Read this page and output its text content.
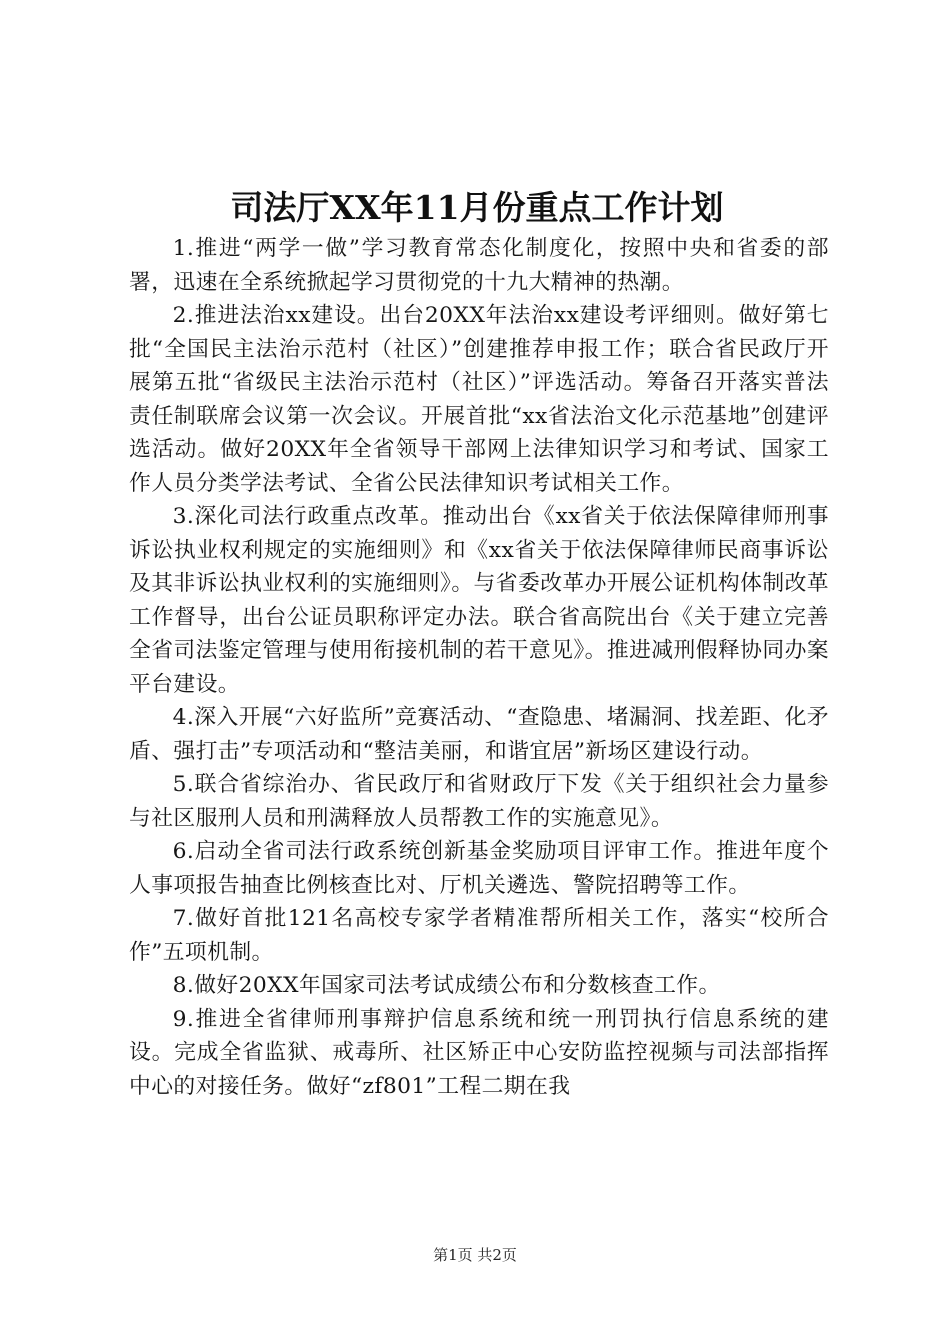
司法厅XX年11月份重点工作计划

1.推进“两学一做”学习教育常态化制度化，按照中央和省委的部署，迅速在全系统掀起学习贯彻党的十九大精神的热潮。

2.推进法治xx建设。出台20XX年法治xx建设考评细则。做好第七批“全国民主法治示范村（社区）”创建推荐申报工作；联合省民政厅开展第五批“省级民主法治示范村（社区）”评选活动。筹备召开落实普法责任制联席会议第一次会议。开展首批“xx省法治文化示范基地”创建评选活动。做好20XX年全省领导干部网上法律知识学习和考试、国家工作人员分类学法考试、全省公民法律知识考试相关工作。

3.深化司法行政重点改革。推动出台《xx省关于依法保障律师刑事诉讼执业权利规定的实施细则》和《xx省关于依法保障律师民商事诉讼及其非诉讼执业权利的实施细则》。与省委改革办开展公证机构体制改革工作督导，出台公证员职称评定办法。联合省高院出台《关于建立完善全省司法鉴定管理与使用衔接机制的若干意见》。推进减刑假释协同办案平台建设。

4.深入开展“六好监所”竞赛活动、“查隐患、堵漏洞、找差距、化矛盾、强打击”专项活动和“整洁美丽，和谐宜居”新场区建设行动。

5.联合省综治办、省民政厅和省财政厅下发《关于组织社会力量参与社区服刑人员和刑满释放人员帮教工作的实施意见》。

6.启动全省司法行政系统创新基金奖励项目评审工作。推进年度个人事项报告抽查比例核查比对、厅机关遴选、警院招聘等工作。

7.做好首批121名高校专家学者精准帮所相关工作，落实“校所合作”五项机制。

8.做好20XX年国家司法考试成绩公布和分数核查工作。

9.推进全省律师刑事辩护信息系统和统一刑罚执行信息系统的建设。完成全省监狱、戒毒所、社区矫正中心安防监控视频与司法部指挥中心的对接任务。做好“zf801”工程二期在我

第1页 共2页
